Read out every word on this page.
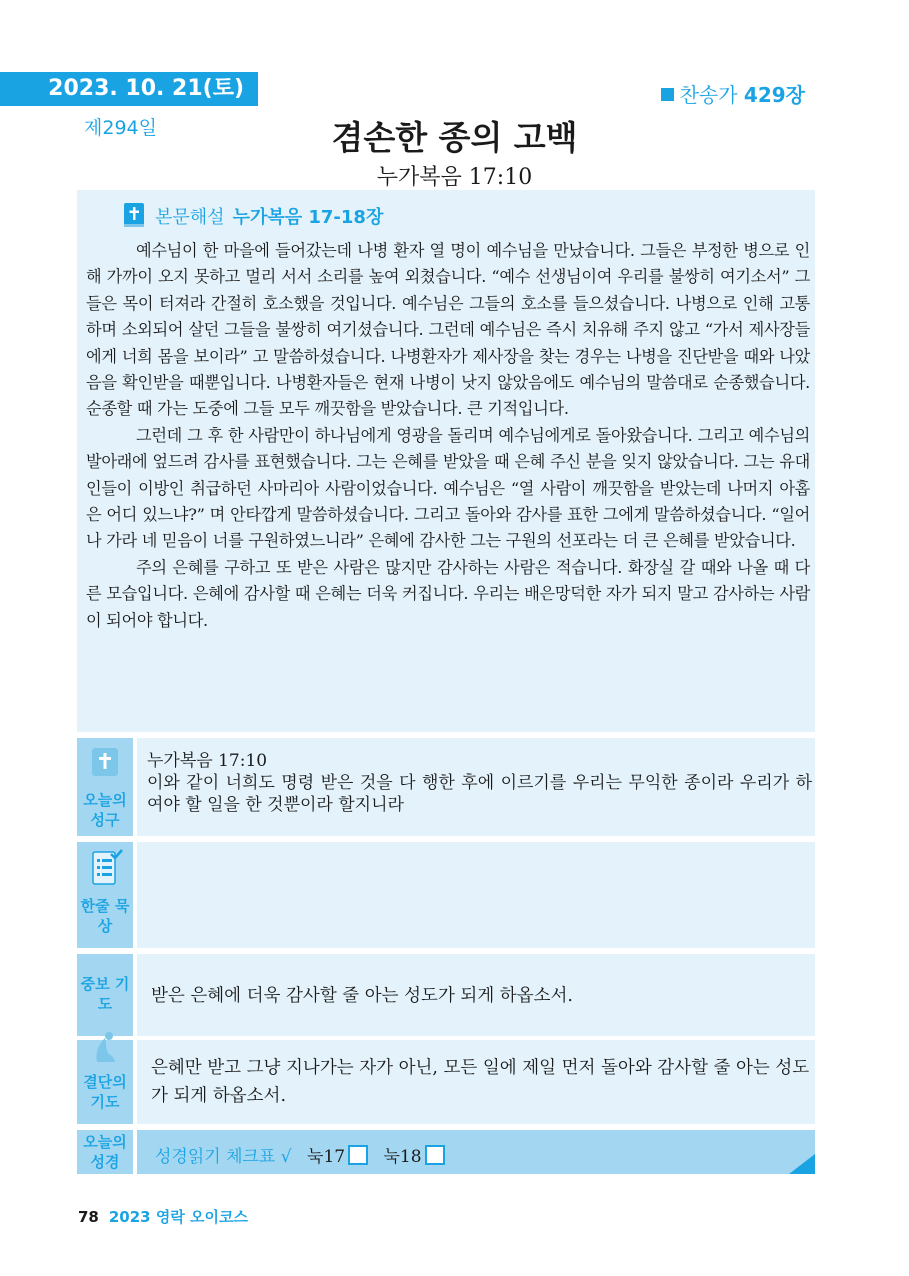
2023. 10. 21(토)
제294일
찬송가 429장
겸손한 종의 고백
누가복음 17:10
본문해설 누가복음 17-18장

예수님이 한 마을에 들어갔는데 나병 환자 열 명이 예수님을 만났습니다. 그들은 부정한 병으로 인해 가까이 오지 못하고 멀리 서서 소리를 높여 외쳤습니다. “예수 선생님이여 우리를 불쌍히 여기소서” 그들은 목이 터져라 간절히 호소했을 것입니다. 예수님은 그들의 호소를 들으셨습니다. 나병으로 인해 고통하며 소외되어 살던 그들을 불쌍히 여기셨습니다. 그런데 예수님은 즉시 치유해 주지 않고 “가서 제사장들에게 너희 몸을 보이라” 고 말씀하셨습니다. 나병환자가 제사장을 찾는 경우는 나병을 진단받을 때와 나았음을 확인받을 때뿐입니다. 나병환자들은 현재 나병이 낫지 않았음에도 예수님의 말씀대로 순종했습니다. 순종할 때 가는 도중에 그들 모두 깨끗함을 받았습니다. 큰 기적입니다.

그런데 그 후 한 사람만이 하나님에게 영광을 돌리며 예수님에게로 돌아왔습니다. 그리고 예수님의 발아래에 엎드려 감사를 표현했습니다. 그는 은혜를 받았을 때 은혜 주신 분을 잊지 않았습니다. 그는 유대인들이 이방인 취급하던 사마리아 사람이었습니다. 예수님은 “열 사람이 깨끗함을 받았는데 나머지 아홉은 어디 있느냐?” 며 안타깝게 말씀하셨습니다. 그리고 돌아와 감사를 표한 그에게 말씀하셨습니다. “일어나 가라 네 믿음이 너를 구원하였느니라” 은혜에 감사한 그는 구원의 선포라는 더 큰 은혜를 받았습니다.

주의 은혜를 구하고 또 받은 사람은 많지만 감사하는 사람은 적습니다. 화장실 갈 때와 나올 때 다른 모습입니다. 은혜에 감사할 때 은혜는 더욱 커집니다. 우리는 배은망덕한 자가 되지 말고 감사하는 사람이 되어야 합니다.

오늘의 성구
누가복음 17:10
이와 같이 너희도 명령 받은 것을 다 행한 후에 이르기를 우리는 무익한 종이라 우리가 하여야 할 일을 한 것뿐이라 할지니라
한줄 묵상
중보 기도	받은 은혜에 더욱 감사할 줄 아는 성도가 되게 하옵소서.
결단의 기도
은혜만 받고 그냥 지나가는 자가 아닌, 모든 일에 제일 먼저 돌아와 감사할 줄 아는 성도가 되게 하옵소서.
오늘의 성경	성경읽기 체크표 √ 눅17 눅18
78 2023 영락 오이코스
